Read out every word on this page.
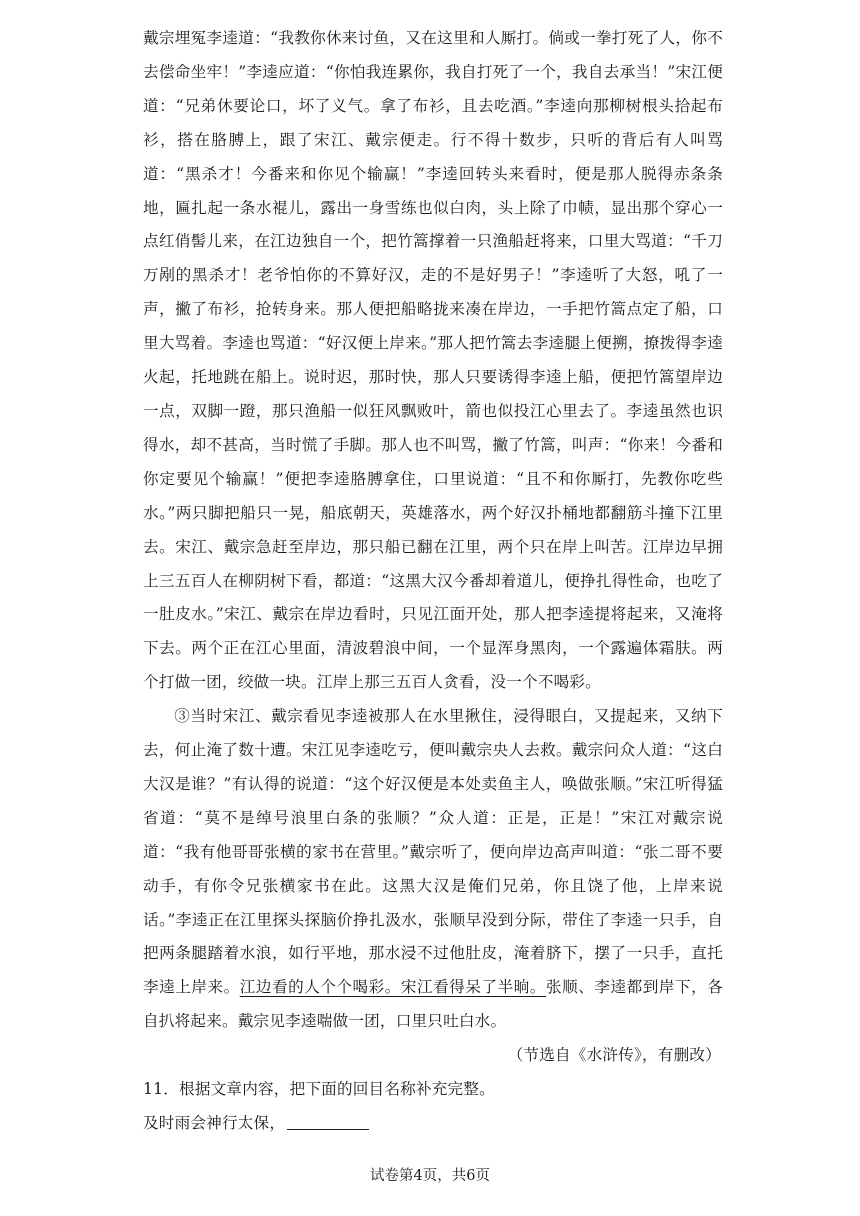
戴宗埋冤李逵道：“我教你休来讨鱼，又在这里和人厮打。倘或一拳打死了人，你不去偿命坐牢！”李逵应道：“你怕我连累你，我自打死了一个，我自去承当！”宋江便道：“兄弟休要论口，坏了义气。拿了布衫，且去吃酒。”李逵向那柳树根头拾起布衫，搭在胳膊上，跟了宋江、戴宗便走。行不得十数步，只听的背后有人叫骂道：“黑杀才！今番来和你见个输赢！”李逵回转头来看时，便是那人脱得赤条条地，匾扎起一条水裩儿，露出一身雪练也似白肉，头上除了巾帻，显出那个穿心一点红俏髻儿来，在江边独自一个，把竹篙撑着一只渔船赶将来，口里大骂道：“千刀万剐的黑杀才！老爷怕你的不算好汉，走的不是好男子！”李逵听了大怒，吼了一声，撇了布衫，抢转身来。那人便把船略拢来凑在岸边，一手把竹篙点定了船，口里大骂着。李逵也骂道：“好汉便上岸来。”那人把竹篙去李逵腿上便搠，撩拨得李逵火起，托地跳在船上。说时迟，那时快，那人只要诱得李逵上船，便把竹篙望岸边一点，双脚一蹬，那只渔船一似狂风飘败叶，箭也似投江心里去了。李逵虽然也识得水，却不甚高，当时慌了手脚。那人也不叫骂，撇了竹篙，叫声：“你来！今番和你定要见个输赢！”便把李逵胳膊拿住，口里说道：“且不和你厮打，先教你吃些水。”两只脚把船只一晃，船底朝天，英雄落水，两个好汉扑桶地都翻筋斗撞下江里去。宋江、戴宗急赶至岸边，那只船已翻在江里，两个只在岸上叫苦。江岸边早拥上三五百人在柳阴树下看，都道：“这黑大汉今番却着道儿，便挣扎得性命，也吃了一肚皮水。”宋江、戴宗在岸边看时，只见江面开处，那人把李逵提将起来，又淹将下去。两个正在江心里面，清波碧浪中间，一个显浑身黑肉，一个露遍体霜肤。两个打做一团，绞做一块。江岸上那三五百人贪看，没一个不喝彩。

③当时宋江、戴宗看见李逵被那人在水里揪住，浸得眼白，又提起来，又纳下去，何止淹了数十遭。宋江见李逵吃亏，便叫戴宗央人去救。戴宗问众人道：“这白大汉是谁？”有认得的说道：“这个好汉便是本处卖鱼主人，唤做张顺。”宋江听得猛省道：“莫不是绰号浪里白条的张顺？”众人道：正是，正是！”宋江对戴宗说道：“我有他哥哥张横的家书在营里。”戴宗听了，便向岸边高声叫道：“张二哥不要动手，有你令兄张横家书在此。这黑大汉是俺们兄弟，你且饶了他，上岸来说话。”李逵正在江里探头探脑价挣扎汲水，张顺早没到分际，带住了李逵一只手，自把两条腿踏着水浪，如行平地，那水浸不过他肚皮，淹着脐下，摆了一只手，直托李逵上岸来。江边看的人个个喝彩。宋江看得呆了半晌。张顺、李逵都到岸下，各自扒将起来。戴宗见李逵喘做一团，口里只吐白水。

（节选自《水浒传》，有删改）

11．根据文章内容，把下面的回目名称补充完整。

及时雨会神行太保，

试卷第4页，共6页
